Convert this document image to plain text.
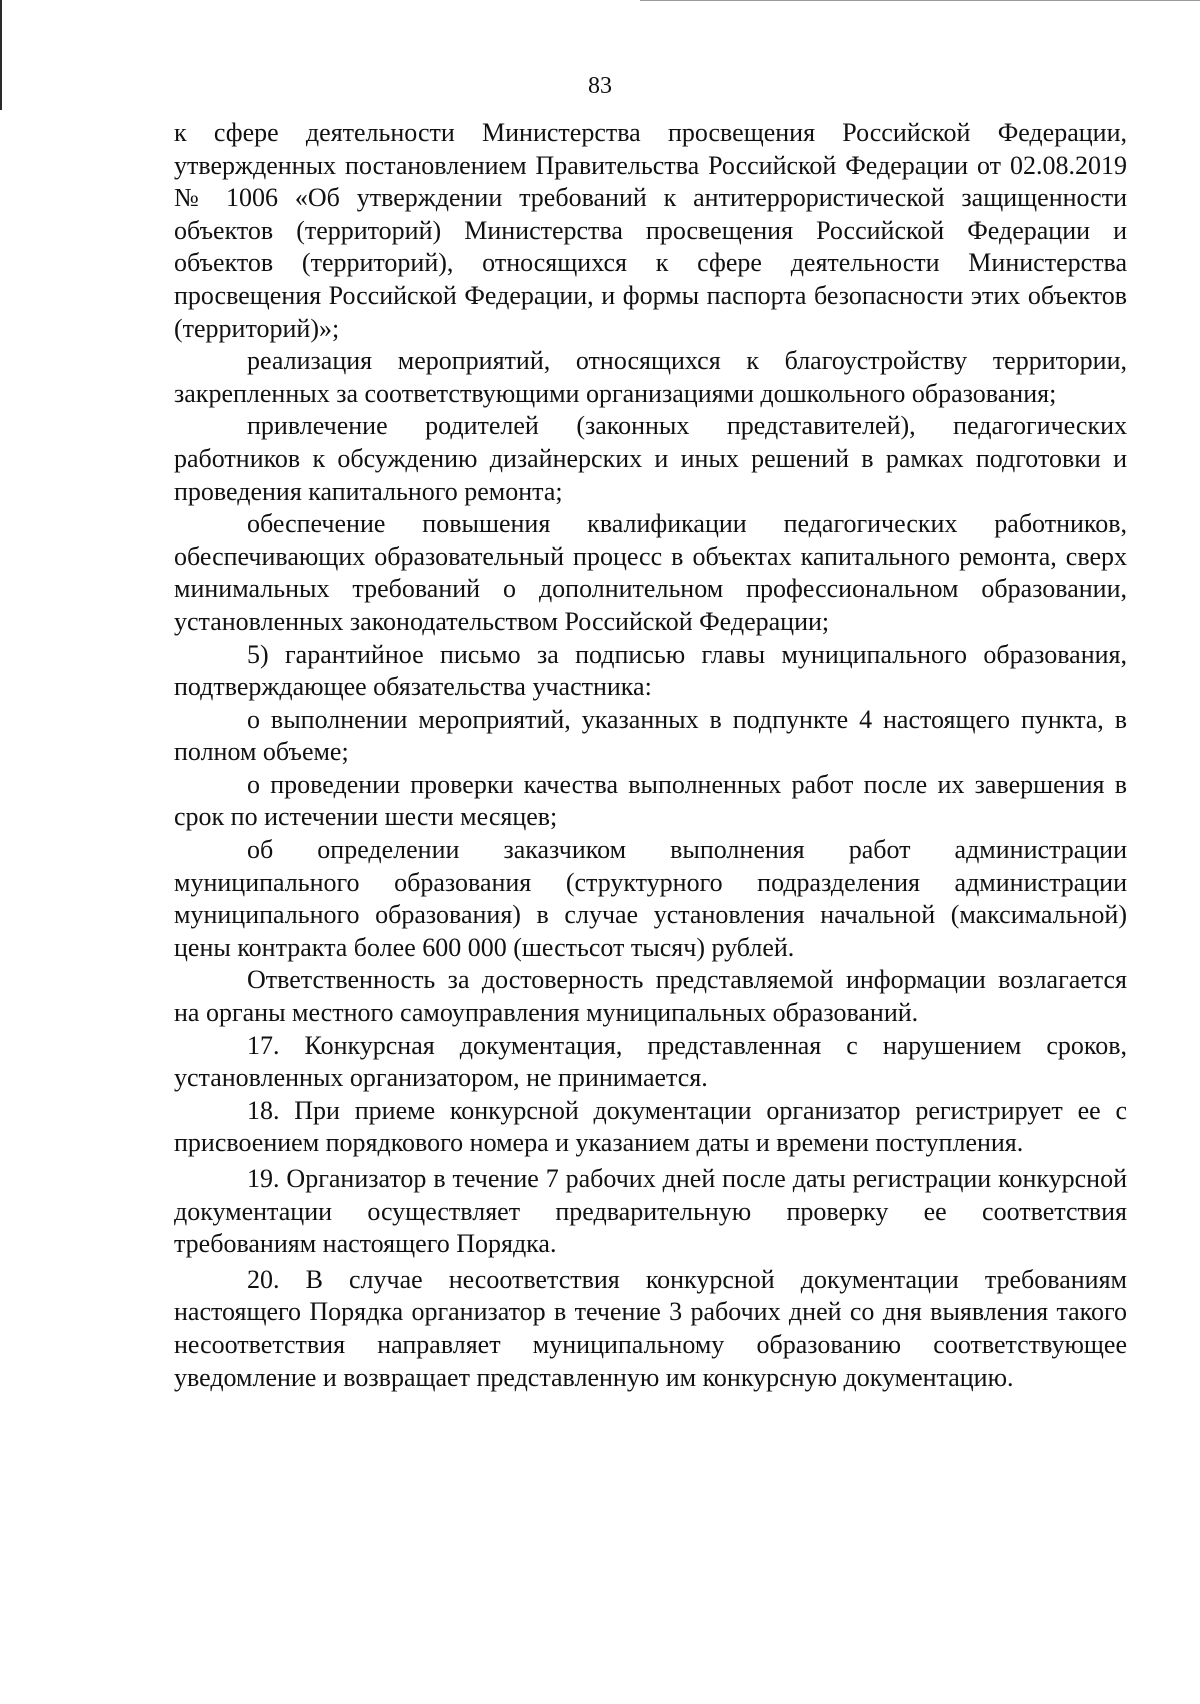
83

к сфере деятельности Министерства просвещения Российской Федерации, утвержденных постановлением Правительства Российской Федерации от 02.08.2019 № 1006 «Об утверждении требований к антитеррористической защищенности объектов (территорий) Министерства просвещения Российской Федерации и объектов (территорий), относящихся к сфере деятельности Министерства просвещения Российской Федерации, и формы паспорта безопасности этих объектов (территорий)»;

реализация мероприятий, относящихся к благоустройству территории, закрепленных за соответствующими организациями дошкольного образования;

привлечение родителей (законных представителей), педагогических работников к обсуждению дизайнерских и иных решений в рамках подготовки и проведения капитального ремонта;

обеспечение повышения квалификации педагогических работников, обеспечивающих образовательный процесс в объектах капитального ремонта, сверх минимальных требований о дополнительном профессиональном образовании, установленных законодательством Российской Федерации;

5) гарантийное письмо за подписью главы муниципального образования, подтверждающее обязательства участника:

о выполнении мероприятий, указанных в подпункте 4 настоящего пункта, в полном объеме;

о проведении проверки качества выполненных работ после их завершения в срок по истечении шести месяцев;

об определении заказчиком выполнения работ администрации муниципального образования (структурного подразделения администрации муниципального образования) в случае установления начальной (максимальной) цены контракта более 600 000 (шестьсот тысяч) рублей.

Ответственность за достоверность представляемой информации возлагается на органы местного самоуправления муниципальных образований.

17. Конкурсная документация, представленная с нарушением сроков, установленных организатором, не принимается.

18. При приеме конкурсной документации организатор регистрирует ее с присвоением порядкового номера и указанием даты и времени поступления.

19. Организатор в течение 7 рабочих дней после даты регистрации конкурсной документации осуществляет предварительную проверку ее соответствия требованиям настоящего Порядка.

20. В случае несоответствия конкурсной документации требованиям настоящего Порядка организатор в течение 3 рабочих дней со дня выявления такого несоответствия направляет муниципальному образованию соответствующее уведомление и возвращает представленную им конкурсную документацию.
